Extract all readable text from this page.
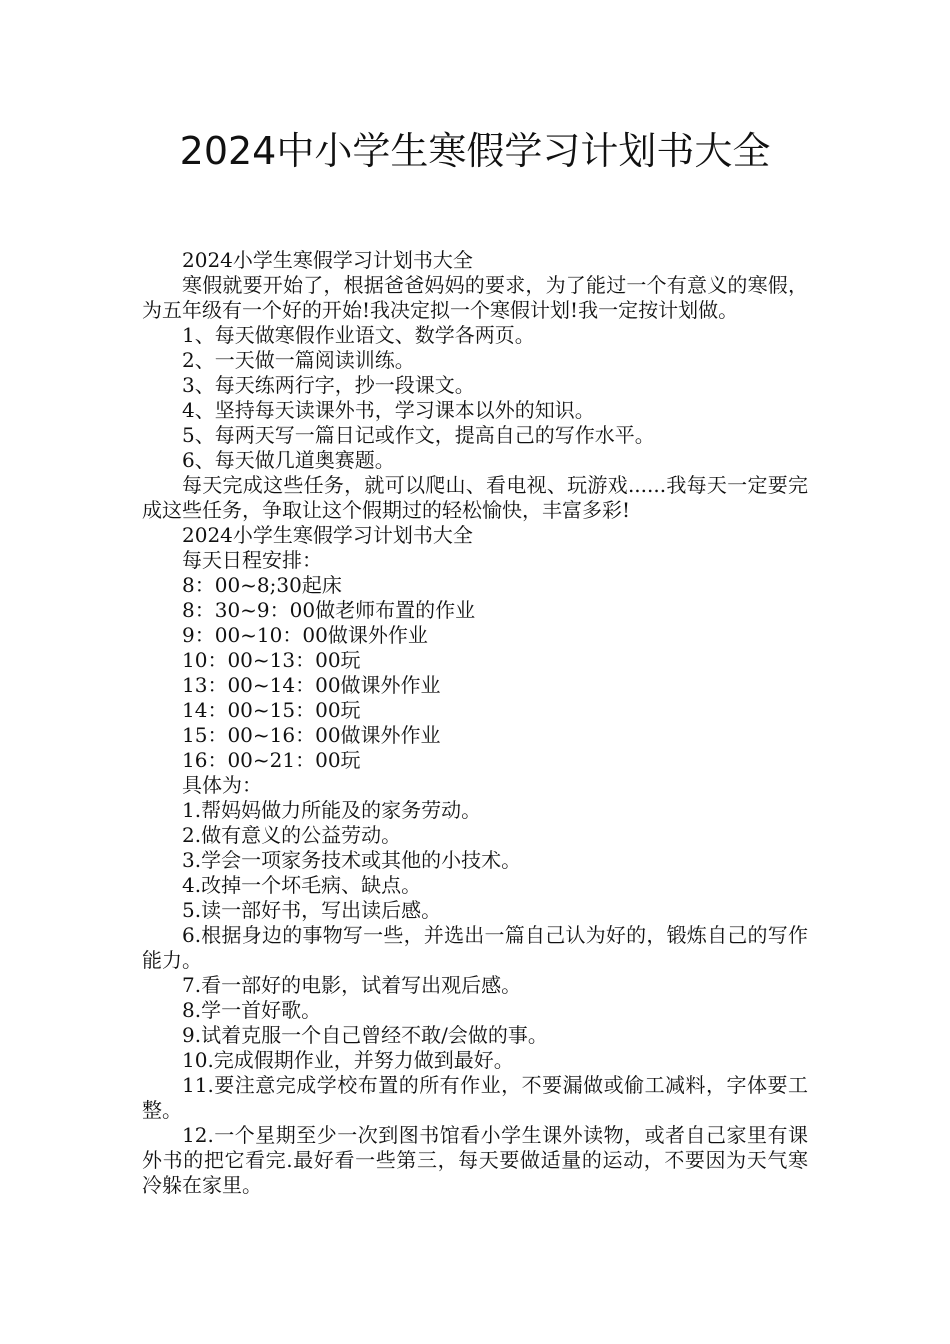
2024中小学生寒假学习计划书大全

2024小学生寒假学习计划书大全

寒假就要开始了，根据爸爸妈妈的要求，为了能过一个有意义的寒假，为五年级有一个好的开始!我决定拟一个寒假计划!我一定按计划做。

1、每天做寒假作业语文、数学各两页。

2、一天做一篇阅读训练。

3、每天练两行字，抄一段课文。

4、坚持每天读课外书，学习课本以外的知识。

5、每两天写一篇日记或作文，提高自己的写作水平。

6、每天做几道奥赛题。

每天完成这些任务，就可以爬山、看电视、玩游戏......我每天一定要完成这些任务，争取让这个假期过的轻松愉快，丰富多彩!

2024小学生寒假学习计划书大全

每天日程安排：

8：00~8;30起床

8：30~9：00做老师布置的作业

9：00~10：00做课外作业

10：00~13：00玩

13：00~14：00做课外作业

14：00~15：00玩

15：00~16：00做课外作业

16：00~21：00玩

具体为：

1.帮妈妈做力所能及的家务劳动。

2.做有意义的公益劳动。

3.学会一项家务技术或其他的小技术。

4.改掉一个坏毛病、缺点。

5.读一部好书，写出读后感。

6.根据身边的事物写一些，并选出一篇自己认为好的，锻炼自己的写作能力。

7.看一部好的电影，试着写出观后感。

8.学一首好歌。

9.试着克服一个自己曾经不敢/会做的事。

10.完成假期作业，并努力做到最好。

11.要注意完成学校布置的所有作业，不要漏做或偷工减料，字体要工整。

12.一个星期至少一次到图书馆看小学生课外读物，或者自己家里有课外书的把它看完.最好看一些第三，每天要做适量的运动，不要因为天气寒冷躲在家里。
